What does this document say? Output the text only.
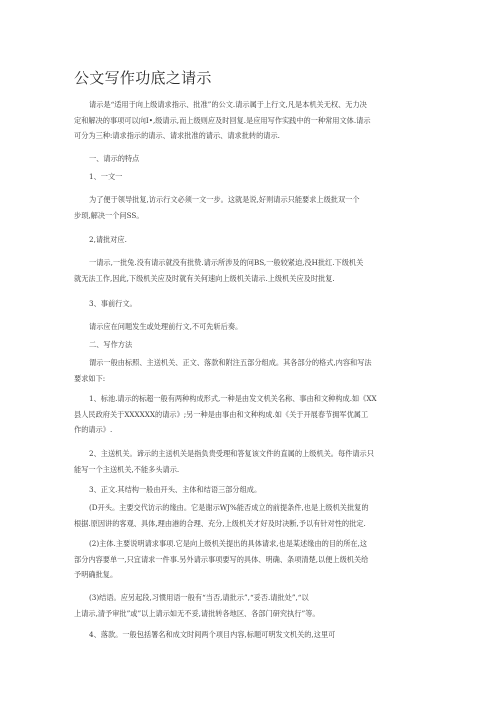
公文写作功底之请示
请示是“适用于向上级请求指示、批准”的公文.请示属于上行文,凡是本机关无权、无力决
定和解决的事项可以向I•,级请示,而上级则应及时回复.是应用写作实践中的一种常用文体.请示
可分为三种:请求指示的请示、请求批准的请示、请求批转的请示.
一、请示的特点
1、一文一
为了便于领导批复,访示行文必须一文一步。这就是说,好则请示只能要求上级批双一个
步顼,解决一个问SS。
2,请批对应.
一请示,一批兔.没有请示就没有批贽.请示所涉及的问BS,一般较紧迫,没H批红.下级机关
就无法工作,因此,下级机关应及时就有关何速向上级机关请示.上级机关应及时批复.
3、事前行文。
请示应在问题发生或处理前行文,不可先斩后奏。
二、写作方法
谓示一般由标照、主送机关、正文、落款和附注五部分组成。其各部分的格式,内容和写法
要求如下:
1、标池.请示的标超一般有两种构成形式,一种是由发文机关名称、事由和文种构成.如《XX
县人民政府关于XXXXXX的请示》;另一种是由事由和文种构成.如《关于开展春节拥军优属工
作的请示》.
2、主送机关。谛示的主送机关是指负贵受理和答复该文件的直属的上级机关。每件请示只
能写一个主送机关,不能多头请示.
3、正文.其结构一般由开头、主体和结语三部分组成。
(D开头。主要交代访示的缘由。它是谢示WJ%能否成立的前提条件,也是上级机关批复的
根据.原因讲的客观、具体,理由港的合理、充分,上级机关才好及时决断,予以有针对性的批定.
(2)主体.主要说明请求事项.它是向上级机关提出的具体请求,也是某述缘由的目的所在,这
部分内容要单一,只宜请求一件事.另外请示事项要写的具体、明确、条项清楚,以便上级机关给
予明确批复。
(3)结语。应另起段,习惯用语一般有“当否,请批示”,“妥否.请批处”,“以
上请示,清予审批”或”以上请示如无不妥,请批转各地区、各部门研究执行”等。
4、落款。一般包括署名和成文时间两个项目内容,标题可明发文机关的,这里可
